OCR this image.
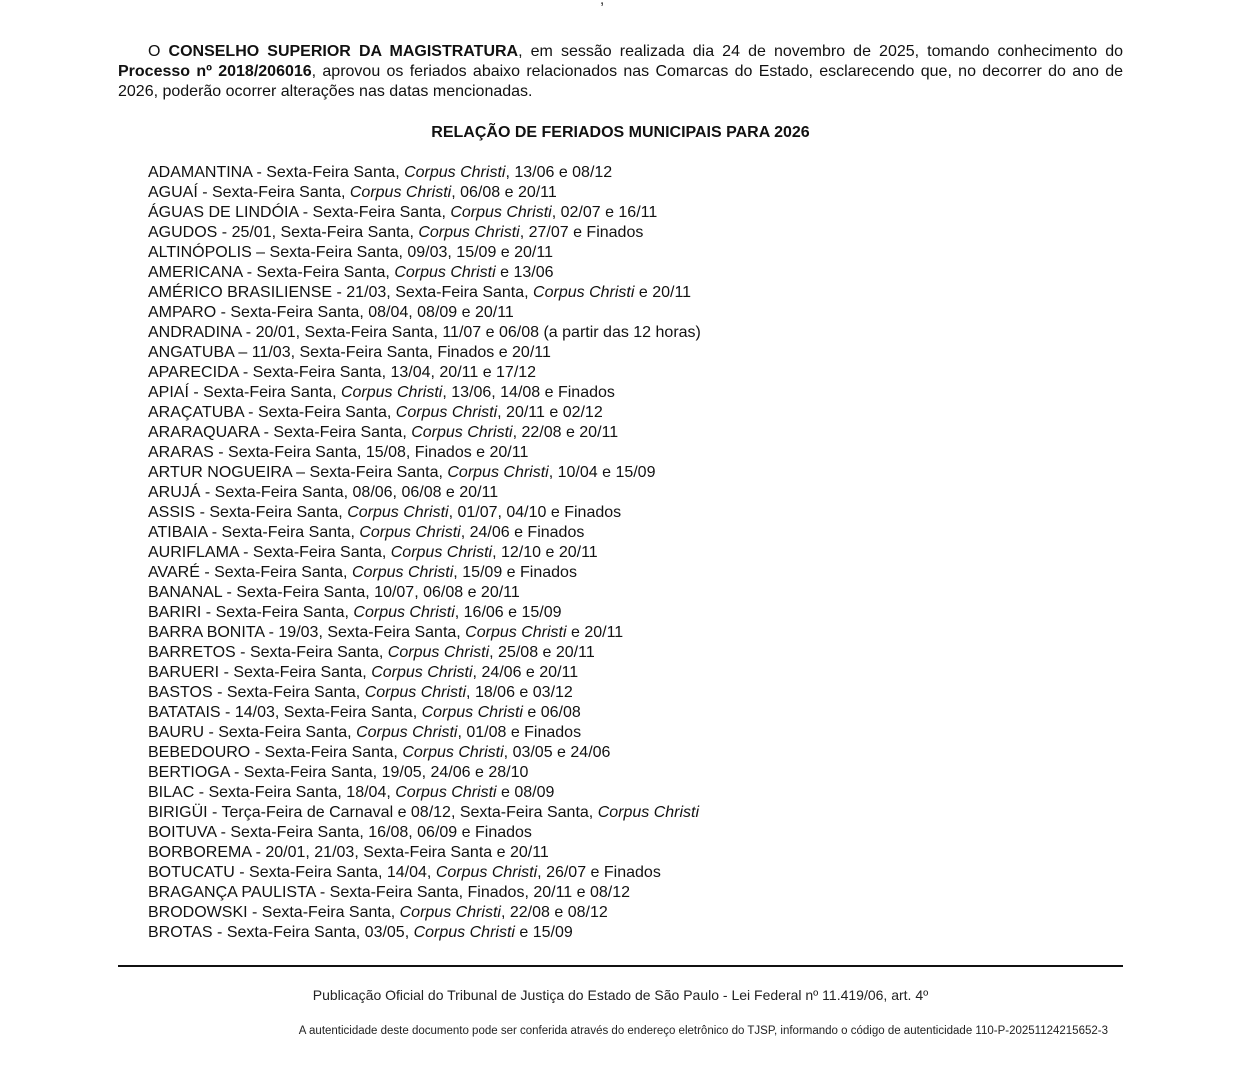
O CONSELHO SUPERIOR DA MAGISTRATURA, em sessão realizada dia 24 de novembro de 2025, tomando conhecimento do Processo nº 2018/206016, aprovou os feriados abaixo relacionados nas Comarcas do Estado, esclarecendo que, no decorrer do ano de 2026, poderão ocorrer alterações nas datas mencionadas.

RELAÇÃO DE FERIADOS MUNICIPAIS PARA 2026
ADAMANTINA - Sexta-Feira Santa, Corpus Christi, 13/06 e 08/12
AGUAÍ - Sexta-Feira Santa, Corpus Christi, 06/08 e 20/11
ÁGUAS DE LINDÓIA - Sexta-Feira Santa, Corpus Christi, 02/07 e 16/11
AGUDOS - 25/01, Sexta-Feira Santa, Corpus Christi, 27/07 e Finados
ALTINÓPOLIS – Sexta-Feira Santa, 09/03, 15/09 e 20/11
AMERICANA - Sexta-Feira Santa, Corpus Christi e 13/06
AMÉRICO BRASILIENSE - 21/03, Sexta-Feira Santa, Corpus Christi e 20/11
AMPARO - Sexta-Feira Santa, 08/04, 08/09 e 20/11
ANDRADINA - 20/01, Sexta-Feira Santa, 11/07 e 06/08 (a partir das 12 horas)
ANGATUBA – 11/03, Sexta-Feira Santa, Finados e 20/11
APARECIDA - Sexta-Feira Santa, 13/04, 20/11 e 17/12
APIAÍ - Sexta-Feira Santa, Corpus Christi, 13/06, 14/08 e Finados
ARAÇATUBA - Sexta-Feira Santa, Corpus Christi, 20/11 e 02/12
ARARAQUARA - Sexta-Feira Santa, Corpus Christi, 22/08 e 20/11
ARARAS - Sexta-Feira Santa, 15/08, Finados e 20/11
ARTUR NOGUEIRA – Sexta-Feira Santa, Corpus Christi, 10/04 e 15/09
ARUJÁ - Sexta-Feira Santa, 08/06, 06/08 e 20/11
ASSIS - Sexta-Feira Santa, Corpus Christi, 01/07, 04/10 e Finados
ATIBAIA - Sexta-Feira Santa, Corpus Christi, 24/06 e Finados
AURIFLAMA - Sexta-Feira Santa, Corpus Christi, 12/10 e 20/11
AVARÉ - Sexta-Feira Santa, Corpus Christi, 15/09 e Finados
BANANAL - Sexta-Feira Santa, 10/07, 06/08 e 20/11
BARIRI - Sexta-Feira Santa, Corpus Christi, 16/06 e 15/09
BARRA BONITA - 19/03, Sexta-Feira Santa, Corpus Christi e 20/11
BARRETOS - Sexta-Feira Santa, Corpus Christi, 25/08 e 20/11
BARUERI - Sexta-Feira Santa, Corpus Christi, 24/06 e 20/11
BASTOS - Sexta-Feira Santa, Corpus Christi, 18/06 e 03/12
BATATAIS - 14/03, Sexta-Feira Santa, Corpus Christi e 06/08
BAURU - Sexta-Feira Santa, Corpus Christi, 01/08 e Finados
BEBEDOURO - Sexta-Feira Santa, Corpus Christi, 03/05 e 24/06
BERTIOGA - Sexta-Feira Santa, 19/05, 24/06 e 28/10
BILAC - Sexta-Feira Santa, 18/04, Corpus Christi e 08/09
BIRIGÜI - Terça-Feira de Carnaval e 08/12, Sexta-Feira Santa, Corpus Christi
BOITUVA - Sexta-Feira Santa, 16/08, 06/09 e Finados
BORBOREMA - 20/01, 21/03, Sexta-Feira Santa e 20/11
BOTUCATU - Sexta-Feira Santa, 14/04, Corpus Christi, 26/07 e Finados
BRAGANÇA PAULISTA - Sexta-Feira Santa, Finados, 20/11 e 08/12
BRODOWSKI - Sexta-Feira Santa, Corpus Christi, 22/08 e 08/12
BROTAS - Sexta-Feira Santa, 03/05, Corpus Christi e 15/09
Publicação Oficial do Tribunal de Justiça do Estado de São Paulo - Lei Federal nº 11.419/06, art. 4º
A autenticidade deste documento pode ser conferida através do endereço eletrônico do TJSP, informando o código de autenticidade 110-P-20251124215652-3
